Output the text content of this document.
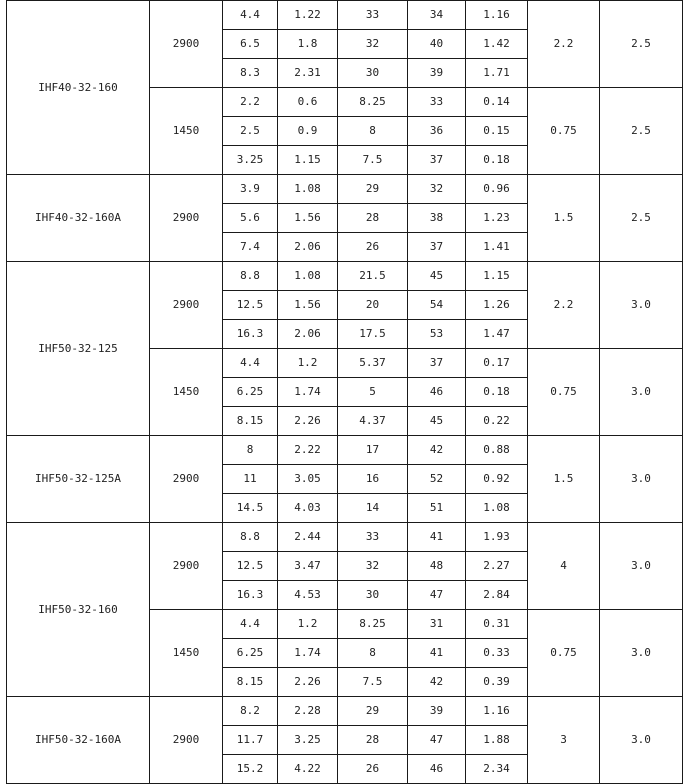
IHF40-32-160	2900	4.4	1.22	33	34	1.16	2.2	2.5
		6.5	1.8	32	40	1.42		
		8.3	2.31	30	39	1.71		
	1450	2.2	0.6	8.25	33	0.14	0.75	2.5
		2.5	0.9	8	36	0.15		
		3.25	1.15	7.5	37	0.18		
IHF40-32-160A	2900	3.9	1.08	29	32	0.96	1.5	2.5
		5.6	1.56	28	38	1.23		
		7.4	2.06	26	37	1.41		
IHF50-32-125	2900	8.8	1.08	21.5	45	1.15	2.2	3.0
		12.5	1.56	20	54	1.26		
		16.3	2.06	17.5	53	1.47		
	1450	4.4	1.2	5.37	37	0.17	0.75	3.0
		6.25	1.74	5	46	0.18		
		8.15	2.26	4.37	45	0.22		
IHF50-32-125A	2900	8	2.22	17	42	0.88	1.5	3.0
		11	3.05	16	52	0.92		
		14.5	4.03	14	51	1.08		
IHF50-32-160	2900	8.8	2.44	33	41	1.93	4	3.0
		12.5	3.47	32	48	2.27		
		16.3	4.53	30	47	2.84		
	1450	4.4	1.2	8.25	31	0.31	0.75	3.0
		6.25	1.74	8	41	0.33		
		8.15	2.26	7.5	42	0.39		
IHF50-32-160A	2900	8.2	2.28	29	39	1.16	3	3.0
		11.7	3.25	28	47	1.88		
		15.2	4.22	26	46	2.34		
